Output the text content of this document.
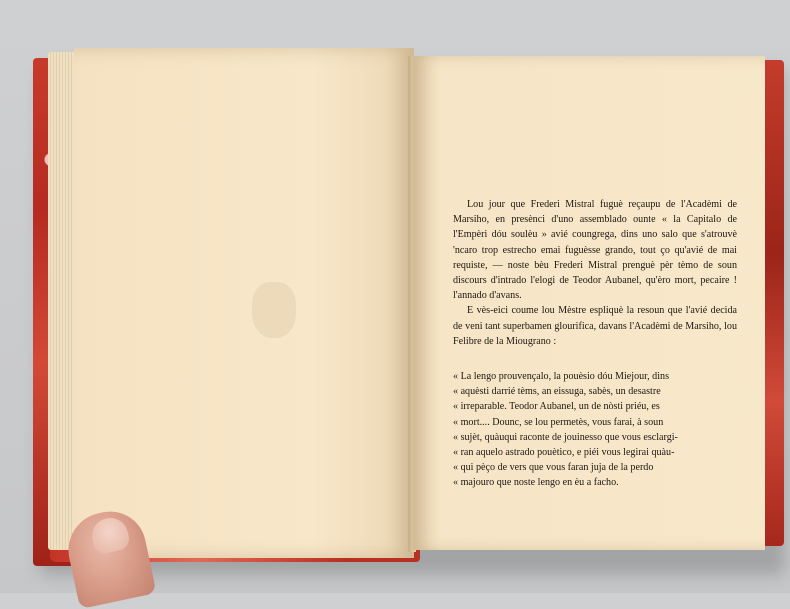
Lou jour que Frederi Mistral fuguè reçaupu de l'Acadèmi de Marsiho, en presènci d'uno assemblado ounte « la Capitalo de l'Empèri dóu soulèu » avié coungrega, dins uno salo que s'atrouvè 'ncaro trop estrecho emai fuguèsse grando, tout ço qu'avié de mai requiste, — noste bèu Frederi Mistral prenguè pèr tèmo de soun discours d'intrado l'elogi de Teodor Aubanel, qu'èro mort, pecaire ! l'annado d'avans.

E vès-eici coume lou Mèstre espliquè la resoun que l'avié decida de veni tant superbamen glourifica, davans l'Acadèmi de Marsiho, lou Felibre de la Miougrano :

« La lengo prouvençalo, la pouèsio dóu Miejour, dins

« aquèsti darrié tèms, an eissuga, sabès, un desastre

« irreparable. Teodor Aubanel, un de nòsti priéu, es

« mort.... Dounc, se lou permetès, vous farai, à soun

« sujèt, quàuqui raconte de jouinesso que vous esclargi-

« ran aquelo astrado pouètico, e piéi vous legirai quàu-

« qui pèço de vers que vous faran juja de la perdo

« majouro que noste lengo en èu a facho.
